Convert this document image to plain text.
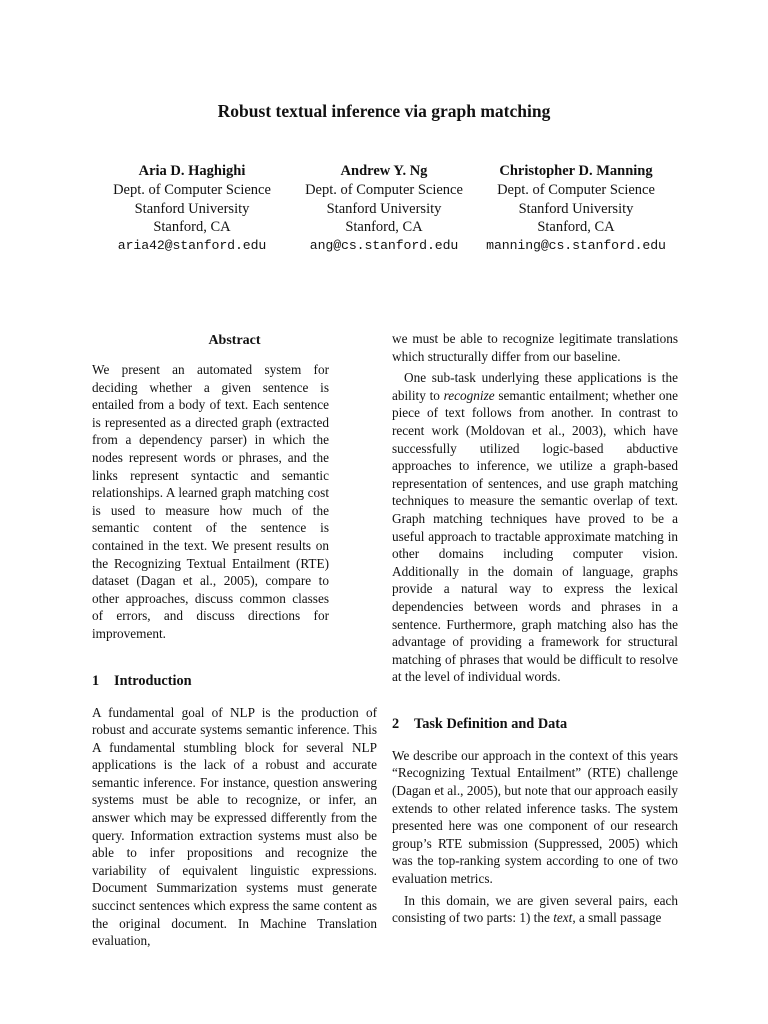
Robust textual inference via graph matching
Aria D. Haghighi
Dept. of Computer Science
Stanford University
Stanford, CA
aria42@stanford.edu
Andrew Y. Ng
Dept. of Computer Science
Stanford University
Stanford, CA
ang@cs.stanford.edu
Christopher D. Manning
Dept. of Computer Science
Stanford University
Stanford, CA
manning@cs.stanford.edu
Abstract

We present an automated system for deciding whether a given sentence is entailed from a body of text. Each sentence is represented as a directed graph (extracted from a dependency parser) in which the nodes represent words or phrases, and the links represent syntactic and semantic relationships. A learned graph matching cost is used to measure how much of the semantic content of the sentence is contained in the text. We present results on the Recognizing Textual Entailment (RTE) dataset (Dagan et al., 2005), compare to other approaches, discuss common classes of errors, and discuss directions for improvement.

1 Introduction

A fundamental goal of NLP is the production of robust and accurate systems semantic inference. This A fundamental stumbling block for several NLP applications is the lack of a robust and accurate semantic inference. For instance, question answering systems must be able to recognize, or infer, an answer which may be expressed differently from the query. Information extraction systems must also be able to infer propositions and recognize the variability of equivalent linguistic expressions. Document Summarization systems must generate succinct sentences which express the same content as the original document. In Machine Translation evaluation,

we must be able to recognize legitimate translations which structurally differ from our baseline.

One sub-task underlying these applications is the ability to recognize semantic entailment; whether one piece of text follows from another. In contrast to recent work (Moldovan et al., 2003), which have successfully utilized logic-based abductive approaches to inference, we utilize a graph-based representation of sentences, and use graph matching techniques to measure the semantic overlap of text. Graph matching techniques have proved to be a useful approach to tractable approximate matching in other domains including computer vision. Additionally in the domain of language, graphs provide a natural way to express the lexical dependencies between words and phrases in a sentence. Furthermore, graph matching also has the advantage of providing a framework for structural matching of phrases that would be difficult to resolve at the level of individual words.

2 Task Definition and Data

We describe our approach in the context of this years “Recognizing Textual Entailment” (RTE) challenge (Dagan et al., 2005), but note that our approach easily extends to other related inference tasks. The system presented here was one component of our research group’s RTE submission (Suppressed, 2005) which was the top-ranking system according to one of two evaluation metrics.

In this domain, we are given several pairs, each consisting of two parts: 1) the text, a small passage
